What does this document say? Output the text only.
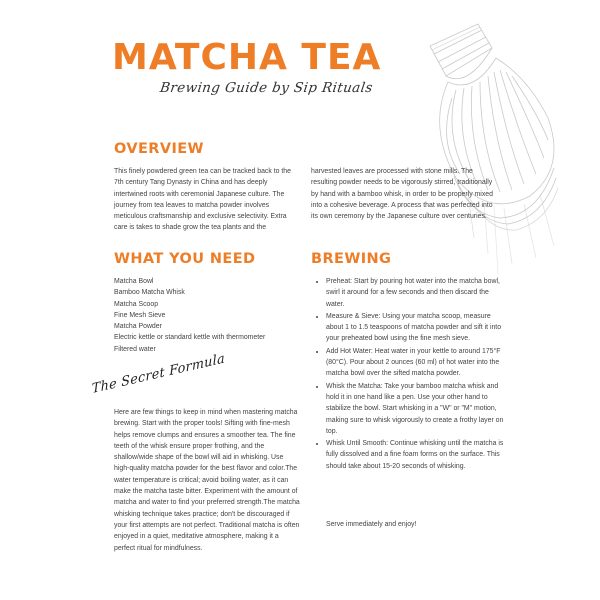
MATCHA TEA
Brewing Guide by Sip Rituals
OVERVIEW

This finely powdered green tea can be tracked back to the 7th century Tang Dynasty in China and has deeply intertwined roots with ceremonial Japanese culture. The journey from tea leaves to matcha powder involves meticulous craftsmanship and exclusive selectivity. Extra care is takes to shade grow the tea plants and the

harvested leaves are processed with stone mills. The resulting powder needs to be vigorously stirred, traditionally by hand with a bamboo whisk, in order to be properly mixed into a cohesive beverage. A process that was perfected into its own ceremony by the Japanese culture over centuries.

WHAT YOU NEED
Matcha Bowl
Bamboo Matcha Whisk
Matcha Scoop
Fine Mesh Sieve
Matcha Powder
Electric kettle or standard kettle with thermometer
Filtered water
The Secret Formula

Here are few things to keep in mind when mastering matcha brewing. Start with the proper tools! Sifting with fine-mesh helps remove clumps and ensures a smoother tea. The fine teeth of the whisk ensure proper frothing, and the shallow/wide shape of the bowl will aid in whisking. Use high-quality matcha powder for the best flavor and color.The water temperature is critical; avoid boiling water, as it can make the matcha taste bitter. Experiment with the amount of matcha and water to find your preferred strength.The matcha whisking technique takes practice; don't be discouraged if your first attempts are not perfect. Traditional matcha is often enjoyed in a quiet, meditative atmosphere, making it a perfect ritual for mindfulness.

BREWING
• Preheat: Start by pouring hot water into the matcha bowl, swirl it around for a few seconds and then discard the water.
• Measure & Sieve: Using your matcha scoop, measure about 1 to 1.5 teaspoons of matcha powder and sift it into your preheated bowl using the fine mesh sieve.
• Add Hot Water: Heat water in your kettle to around 175°F (80°C). Pour about 2 ounces (60 ml) of hot water into the matcha bowl over the sifted matcha powder.
• Whisk the Matcha: Take your bamboo matcha whisk and hold it in one hand like a pen. Use your other hand to stabilize the bowl. Start whisking in a "W" or "M" motion, making sure to whisk vigorously to create a frothy layer on top.
• Whisk Until Smooth: Continue whisking until the matcha is fully dissolved and a fine foam forms on the surface. This should take about 15-20 seconds of whisking.

Serve immediately and enjoy!
